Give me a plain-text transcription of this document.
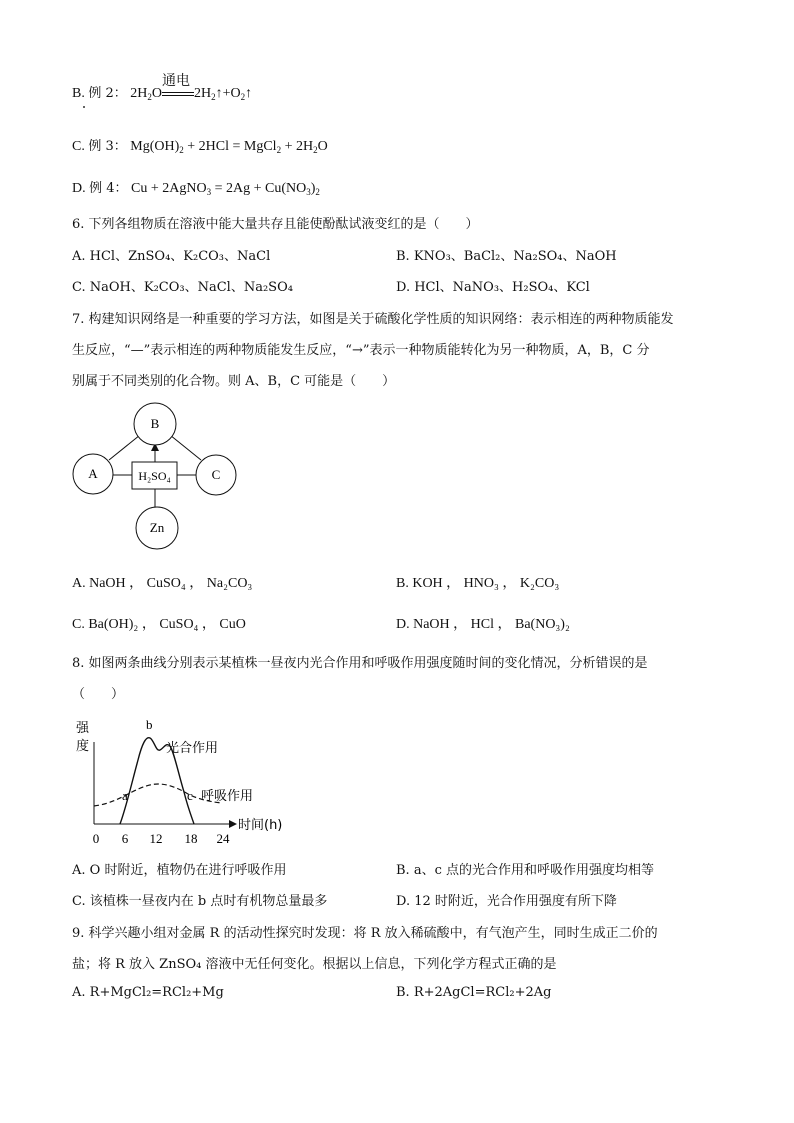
B. 例 2： $2H_2O$
通电
$2H_2↑+O_2↑$
C. 例 3： $Mg(OH)_2 + 2HCl$ = MgCl$_2$ + $2H_2O$
D. 例 4： Cu + 2AgNO$_3$ = $2Ag + Cu(NO_3)_2$
6. 下列各组物质在溶液中能大量共存且能使酚酞试液变红的是（　　）
A. HCl、ZnSO₄、K₂CO₃、NaCl	B. KNO₃、BaCl₂、Na₂SO₄、NaOH
C. NaOH、K₂CO₃、NaCl、Na₂SO₄	D. HCl、NaNO₃、H₂SO₄、KCl
7. 构建知识网络是一种重要的学习方法，如图是关于硫酸化学性质的知识网络：表示相连的两种物质能发
生反应，“—”表示相连的两种物质能发生反应，“→”表示一种物质能转化为另一种物质，A，B，C 分
别属于不同类别的化合物。则 A、B，C 可能是（　　）
B
A	C
H₂SO₄
Zn
A. NaOH ， CuSO₄ ， Na₂CO₃	B. KOH ， HNO₃ ， K₂CO₃
C. Ba(OH)₂ ， CuSO₄ ， CuO	D. NaOH ， HCl ， Ba(NO₃)₂
8. 如图两条曲线分别表示某植株一昼夜内光合作用和呼吸作用强度随时间的变化情况，分析错误的是
（　　）
强
度
时间(h)
0 6 12 18 24
a
b
c
光合作用
呼吸作用
A. O 时附近，植物仍在进行呼吸作用	B. a、c 点的光合作用和呼吸作用强度均相等
C. 该植株一昼夜内在 b 点时有机物总量最多	D. 12 时附近，光合作用强度有所下降
9. 科学兴趣小组对金属 R 的活动性探究时发现：将 R 放入稀硫酸中，有气泡产生，同时生成正二价的
盐；将 R 放入 ZnSO₄ 溶液中无任何变化。根据以上信息，下列化学方程式正确的是
A. R+MgCl₂=RCl₂+Mg	B. R+2AgCl=RCl₂+2Ag
